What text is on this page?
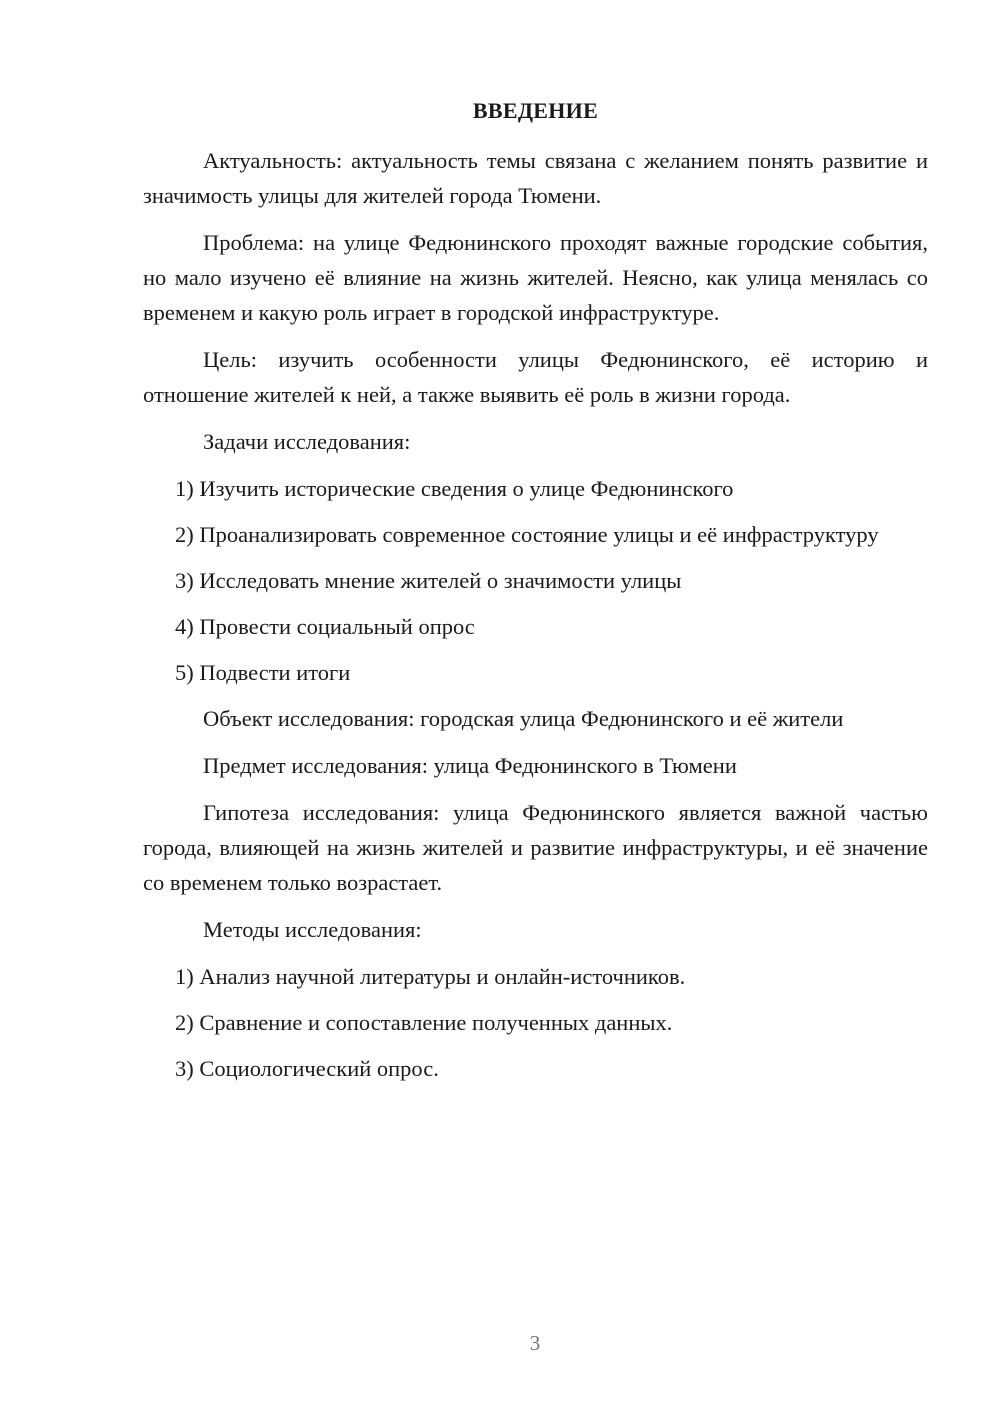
ВВЕДЕНИЕ

Актуальность: актуальность темы связана с желанием понять развитие и значимость улицы для жителей города Тюмени.

Проблема: на улице Федюнинского проходят важные городские события, но мало изучено её влияние на жизнь жителей. Неясно, как улица менялась со временем и какую роль играет в городской инфраструктуре.

Цель: изучить особенности улицы Федюнинского, её историю и отношение жителей к ней, а также выявить её роль в жизни города.

Задачи исследования:

1) Изучить исторические сведения о улице Федюнинского

2) Проанализировать современное состояние улицы и её инфраструктуру

3) Исследовать мнение жителей о значимости улицы

4) Провести социальный опрос

5) Подвести итоги

Объект исследования: городская улица Федюнинского и её жители

Предмет исследования: улица Федюнинского в Тюмени

Гипотеза исследования: улица Федюнинского является важной частью города, влияющей на жизнь жителей и развитие инфраструктуры, и её значение со временем только возрастает.

Методы исследования:

1) Анализ научной литературы и онлайн-источников.

2) Сравнение и сопоставление полученных данных.

3) Социологический опрос.

3
